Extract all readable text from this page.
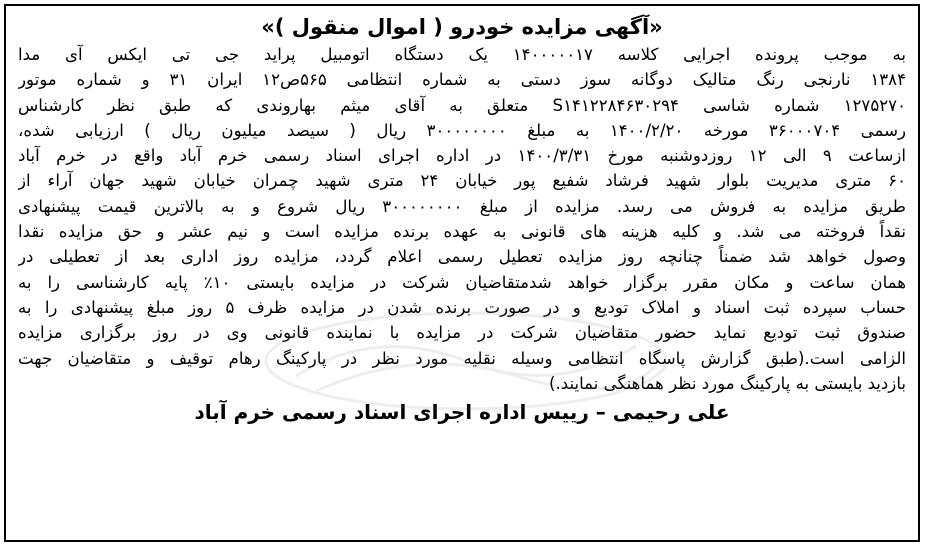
«آگهی مزایده خودرو ( اموال منقول )»
به موجب پرونده اجرایی کلاسه ۱۴۰۰۰۰۰۱۷ یک دستگاه اتومبیل پراید جی تی ایکس آی مدا
۱۳۸۴ نارنجی رنگ متالیک دوگانه سوز دستی به شماره انتظامی ۵۶۵ص۱۲ ایران ۳۱ و شماره موتور
۱۲۷۵۲۷۰ شماره شاسی S۱۴۱۲۲۸۴۶۳۰۲۹۴ متعلق به آقای میثم بهاروندی که طبق نظر کارشناس
رسمی ۳۶۰۰۰۷۰۴ مورخه ۱۴۰۰/۲/۲۰ به مبلغ ۳۰۰۰۰۰۰۰۰ ریال ( سیصد میلیون ریال ) ارزیابی شده،
ازساعت ۹ الی ۱۲ روزدوشنبه مورخ ۱۴۰۰/۳/۳۱ در اداره اجرای اسناد رسمی خرم آباد واقع در خرم آباد
۶۰ متری مدیریت بلوار شهید فرشاد شفیع پور خیابان ۲۴ متری شهید چمران خیابان شهید جهان آراء از
طریق مزایده به فروش می رسد. مزایده از مبلغ ۳۰۰۰۰۰۰۰۰ ریال شروع و به بالاترین قیمت پیشنهادی
نقداً فروخته می شد. و کلیه هزینه های قانونی به عهده برنده مزایده است و نیم عشر و حق مزایده نقدا
وصول خواهد شد ضمناً چنانچه روز مزایده تعطیل رسمی اعلام گردد، مزایده روز اداری بعد از تعطیلی در
همان ساعت و مکان مقرر برگزار خواهد شدمتقاضیان شرکت در مزایده بایستی ۱۰٪ پایه کارشناسی را به
حساب سپرده ثبت اسناد و املاک تودیع و در صورت برنده شدن در مزایده ظرف ۵ روز مبلغ پیشنهادی را به
صندوق ثبت تودیع نماید حضور متقاضیان شرکت در مزایده با نماینده قانونی وی در روز برگزاری مزایده
الزامی است.(طبق گزارش پاسگاه انتظامی وسیله نقلیه مورد نظر در پارکینگ رهام توقیف و متقاضیان جهت
بازدید بایستی به پارکینگ مورد نظر هماهنگی نمایند.)
علی رحیمی – رییس اداره اجرای اسناد رسمی خرم آباد
